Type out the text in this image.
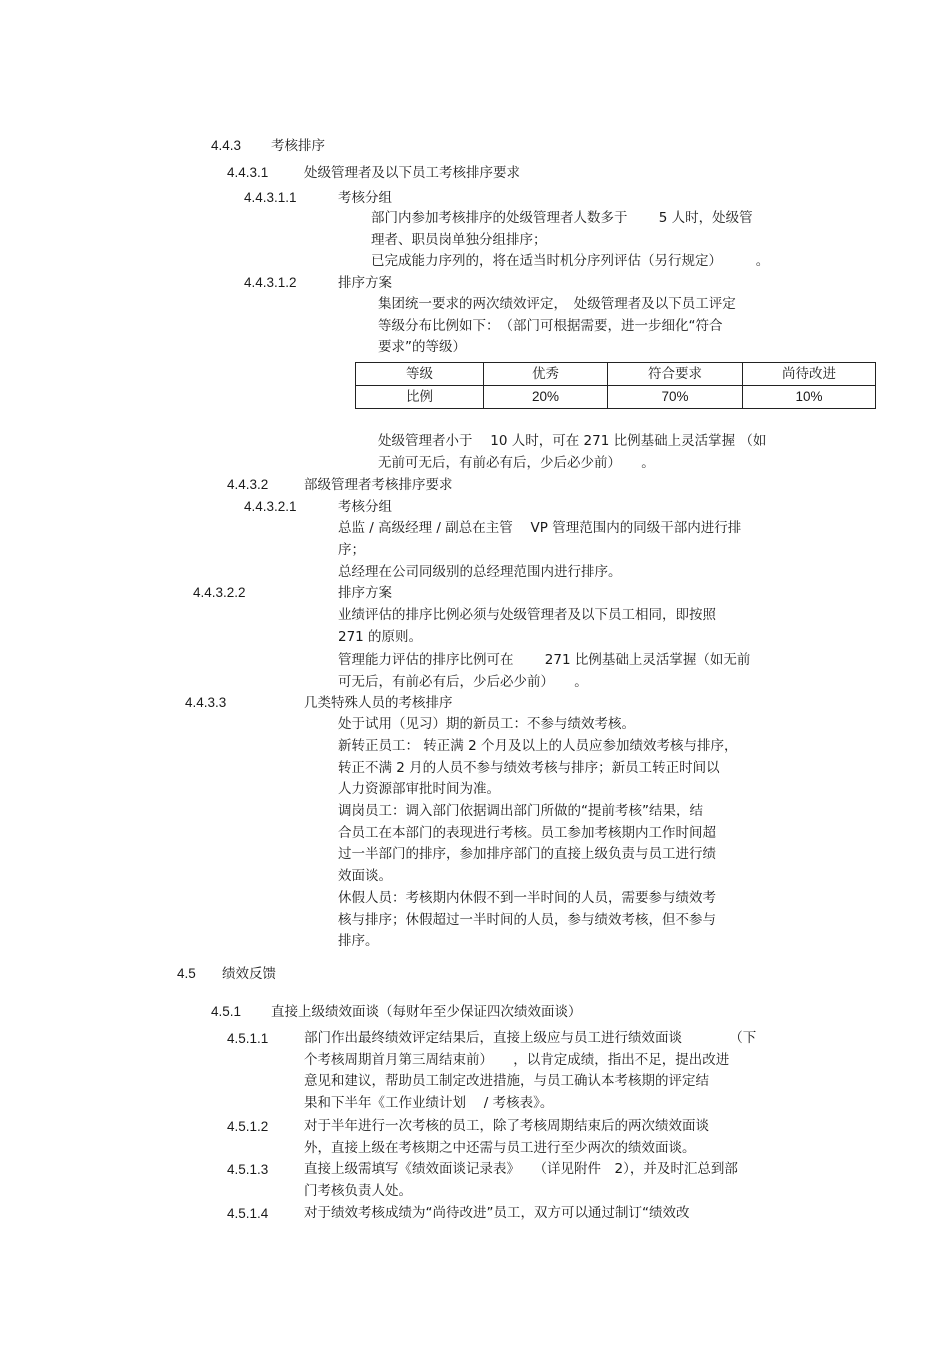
4.4.3 考核排序
4.4.3.1	处级管理者及以下员工考核排序要求
4.4.3.1.1	考核分组
部门内参加考核排序的处级管理者人数多于　　 5 人时，处级管
理者、职员岗单独分组排序；
已完成能力序列的，将在适当时机分序列评估（另行规定）　　　。
4.4.3.1.2	排序方案
集团统一要求的两次绩效评定，　处级管理者及以下员工评定
等级分布比例如下：　（部门可根据需要，进一步细化“符合
要求”的等级）
等级	优秀	符合要求	尚待改进
比例	20%	70%	10%
处级管理者小于　 10 人时，可在 271 比例基础上灵活掌握 （如
无前可无后，有前必有后，少后必少前）　　。
4.4.3.2	部级管理者考核排序要求
4.4.3.2.1	考核分组
总监 / 高级经理 / 副总在主管　 VP 管理范围内的同级干部内进行排
序；
总经理在公司同级别的总经理范围内进行排序。
4.4.3.2.2	排序方案
业绩评估的排序比例必须与处级管理者及以下员工相同，即按照
271 的原则。
管理能力评估的排序比例可在　　 271 比例基础上灵活掌握（如无前
可无后，有前必有后，少后必少前）　　。
4.4.3.3	几类特殊人员的考核排序
处于试用（见习）期的新员工：不参与绩效考核。
新转正员工： 转正满 2 个月及以上的人员应参加绩效考核与排序，
转正不满 2 月的人员不参与绩效考核与排序；新员工转正时间以
人力资源部审批时间为准。
调岗员工：调入部门依据调出部门所做的“提前考核”结果，结
合员工在本部门的表现进行考核。员工参加考核期内工作时间超
过一半部门的排序，参加排序部门的直接上级负责与员工进行绩
效面谈。
休假人员：考核期内休假不到一半时间的人员，需要参与绩效考
核与排序；休假超过一半时间的人员，参与绩效考核，但不参与
排序。
4.5 绩效反馈
4.5.1 直接上级绩效面谈（每财年至少保证四次绩效面谈）
4.5.1.1	部门作出最终绩效评定结果后，直接上级应与员工进行绩效面谈　　　　（下
个考核周期首月第三周结束前）　　，以肯定成绩，指出不足，提出改进
意见和建议，帮助员工制定改进措施，与员工确认本考核期的评定结
果和下半年《工作业绩计划　 / 考核表》。
4.5.1.2	对于半年进行一次考核的员工，除了考核周期结束后的两次绩效面谈
外，直接上级在考核期之中还需与员工进行至少两次的绩效面谈。
4.5.1.3	直接上级需填写《绩效面谈记录表》　　（详见附件　2），并及时汇总到部
门考核负责人处。
4.5.1.4	对于绩效考核成绩为“尚待改进”员工，双方可以通过制订“绩效改
